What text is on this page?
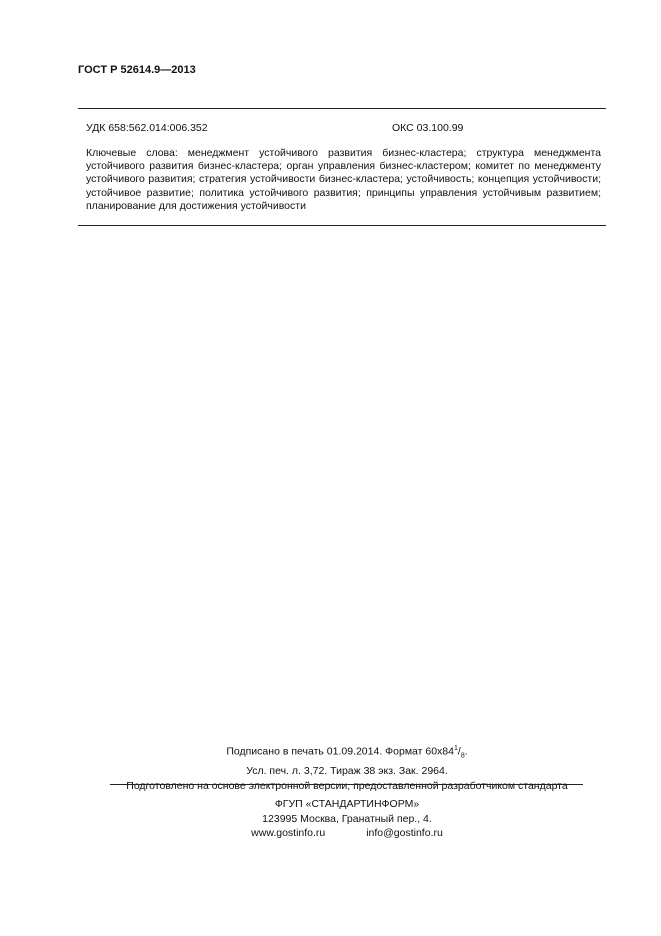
ГОСТ Р 52614.9—2013
УДК 658:562.014:006.352	ОКС 03.100.99
Ключевые слова: менеджмент устойчивого развития бизнес-кластера; структура менеджмента устойчивого развития бизнес-кластера; орган управления бизнес-кластером; комитет по менеджменту устойчивого развития; стратегия устойчивости бизнес-кластера; устойчивость; концепция устойчивости; устойчивое развитие; политика устойчивого развития; принципы управления устойчивым развитием; планирование для достижения устойчивости
Подписано в печать 01.09.2014. Формат $60x84^1/_8$.
Усл. печ. л. 3,72. Тираж 38 экз. Зак. 2964.
Подготовлено на основе электронной версии, предоставленной разработчиком стандарта
ФГУП «СТАНДАРТИНФОРМ»
123995 Москва, Гранатный пер., 4.
www.gostinfo.ru	info@gostinfo.ru
